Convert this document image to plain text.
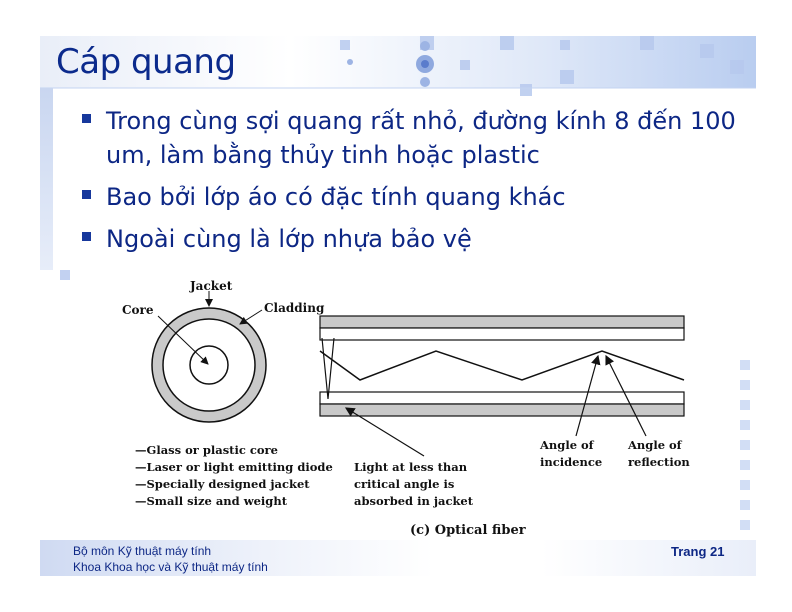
Cáp quang
Trong cùng sợi quang rất nhỏ, đường kính 8 đến 100 um, làm bằng thủy tinh hoặc plastic
Bao bởi lớp áo có đặc tính quang khác
Ngoài cùng là lớp nhựa bảo vệ
Jacket
Core	Cladding
—Glass or plastic core
—Laser or light emitting diode
—Specially designed jacket
—Small size and weight
Light at less than
critical angle is
absorbed in jacket
Angle of
incidence
Angle of
reflection
(c) Optical fiber
Bộ môn Kỹ thuật máy tính
Khoa Khoa học và Kỹ thuật máy tính
Trang 21
